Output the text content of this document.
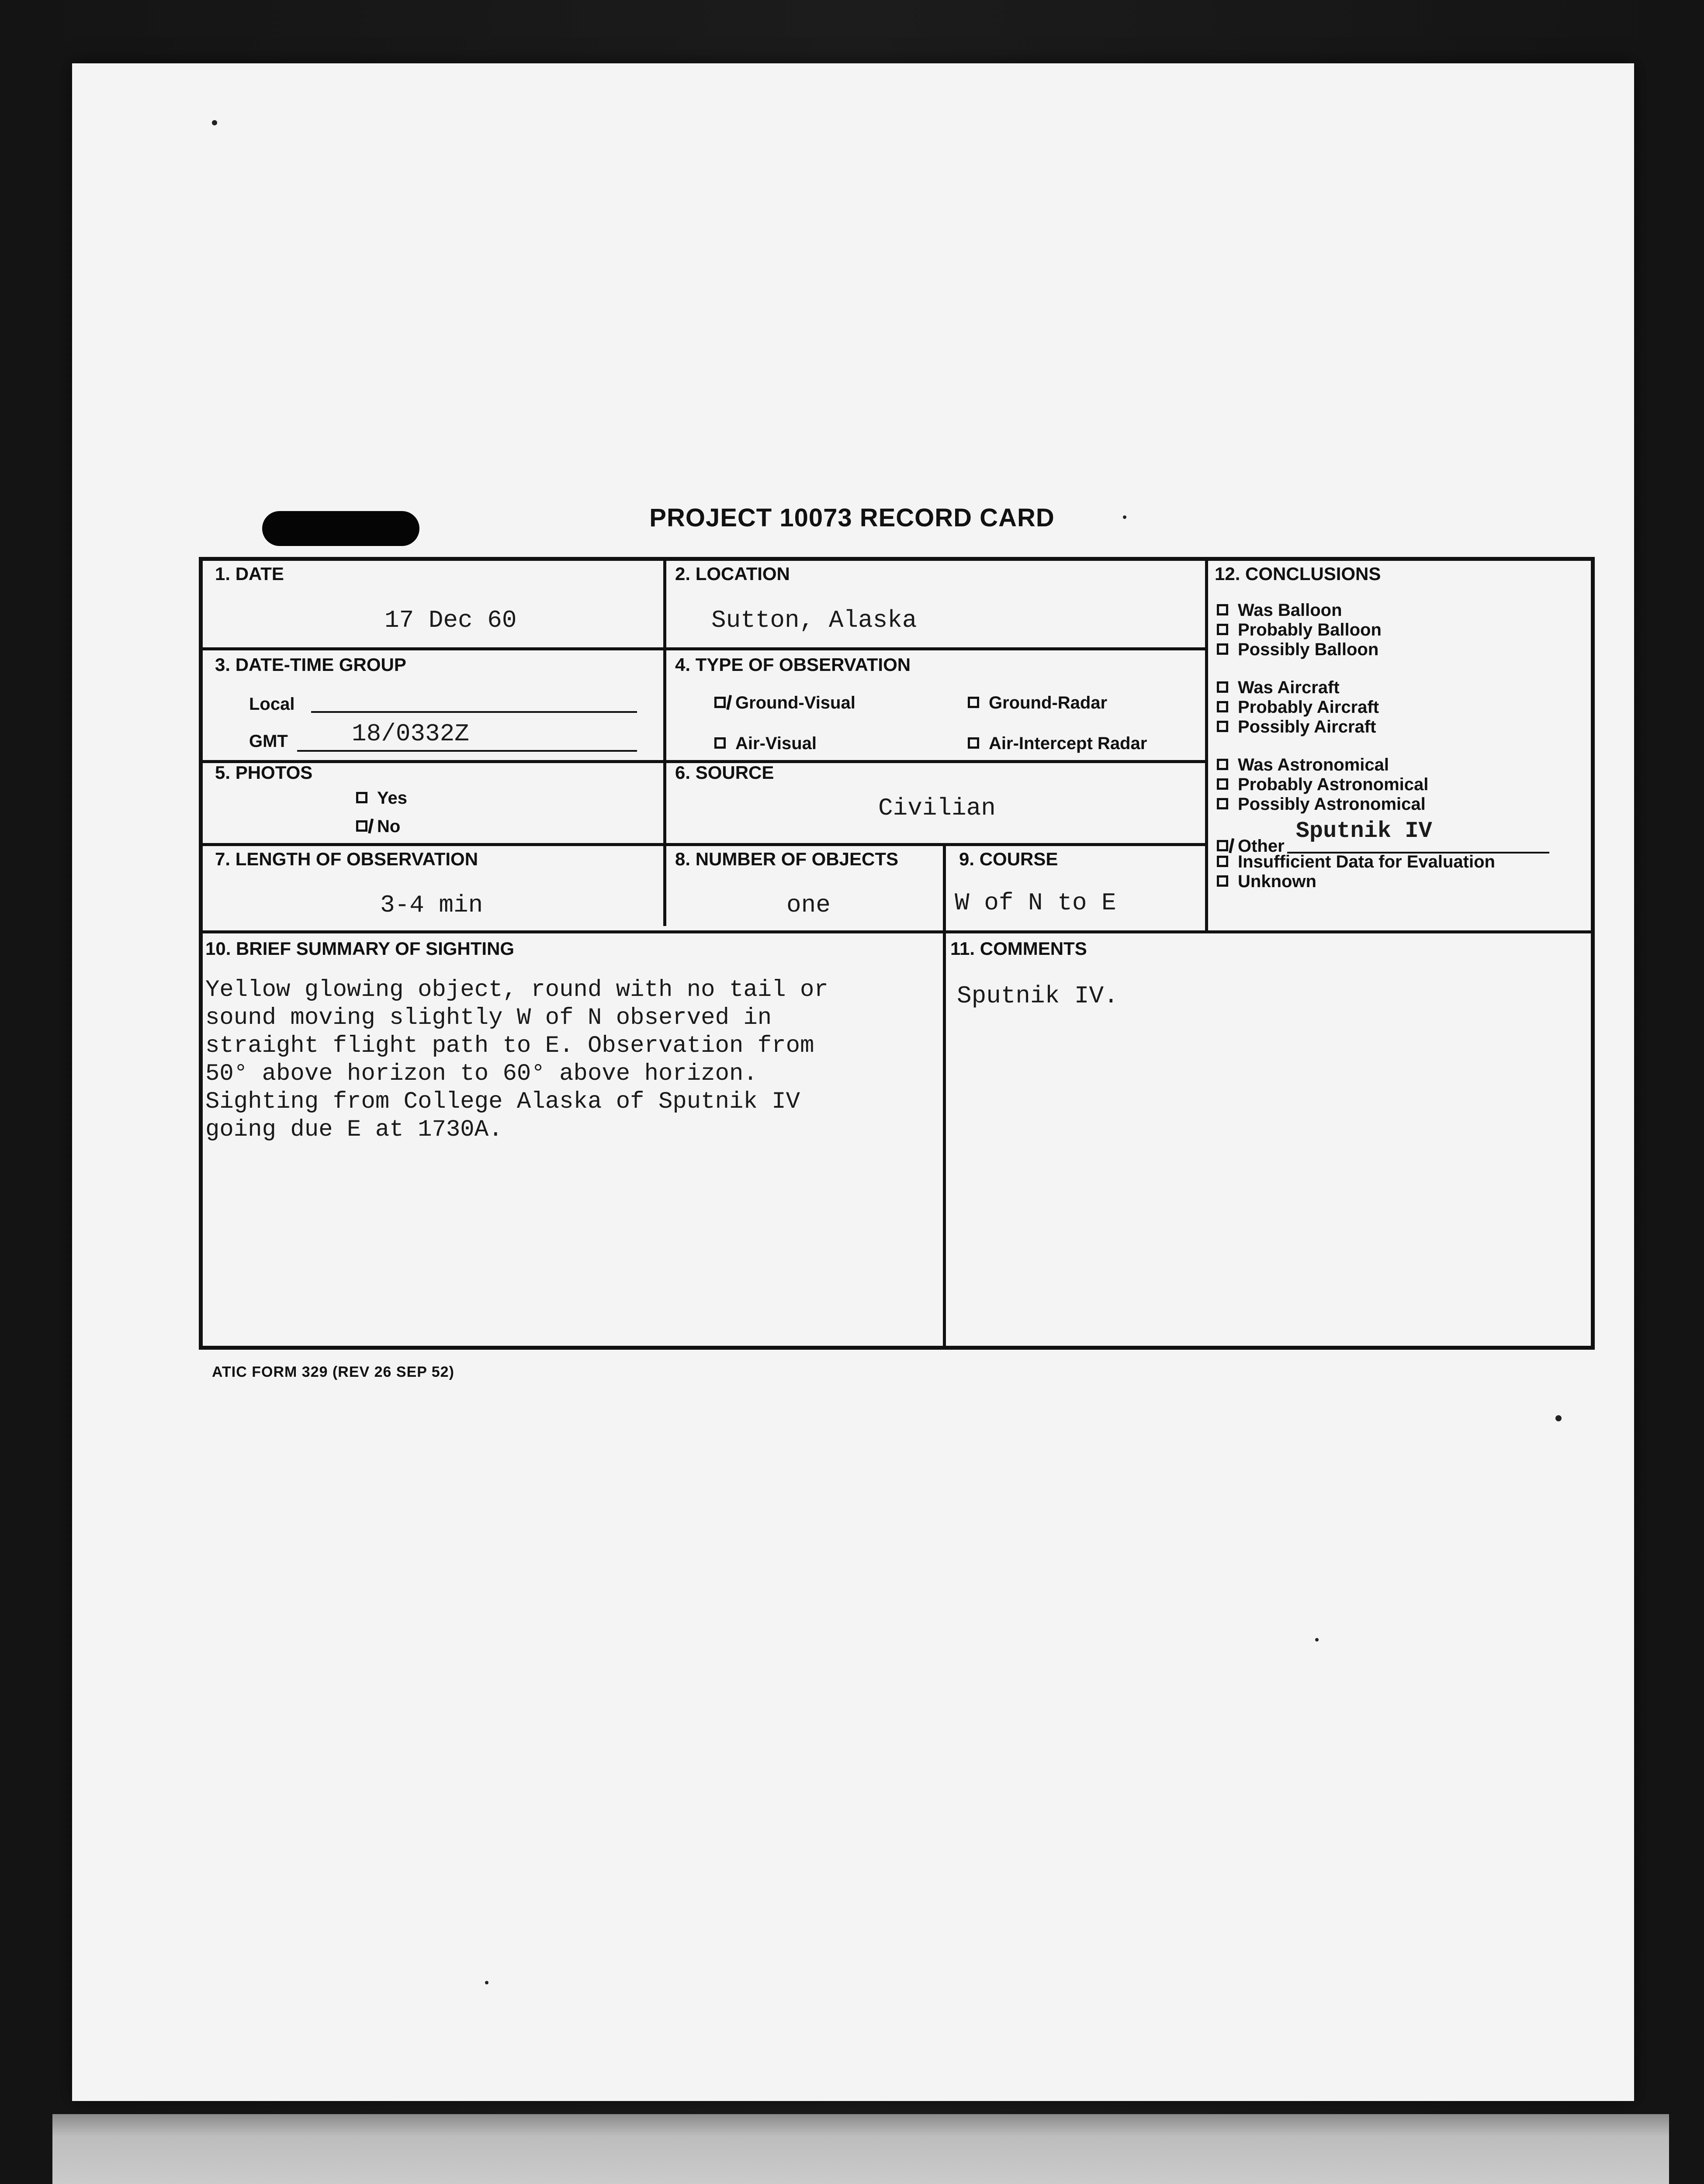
PROJECT 10073 RECORD CARD
1. DATE
17 Dec 60
2. LOCATION
Sutton, Alaska
3. DATE-TIME GROUP
Local
GMT	18/0332Z
4. TYPE OF OBSERVATION
Ground-Visual	Ground-Radar
Air-Visual	Air-Intercept Radar
5. PHOTOS
Yes
No
6. SOURCE
Civilian
7. LENGTH OF OBSERVATION
3-4 min
8. NUMBER OF OBJECTS
one
9. COURSE
W of N to E
10. BRIEF SUMMARY OF SIGHTING
Yellow glowing object, round with no tail or
sound moving slightly W of N observed in
straight flight path to E. Observation from
50° above horizon to 60° above horizon.
Sighting from College Alaska of Sputnik IV
going due E at 1730A.
11. COMMENTS
Sputnik IV.
12. CONCLUSIONS
Was Balloon
Probably Balloon
Possibly Balloon
Was Aircraft
Probably Aircraft
Possibly Aircraft
Was Astronomical
Probably Astronomical
Possibly Astronomical
Other
Sputnik IV
Insufficient Data for Evaluation
Unknown
ATIC FORM 329 (REV 26 SEP 52)
